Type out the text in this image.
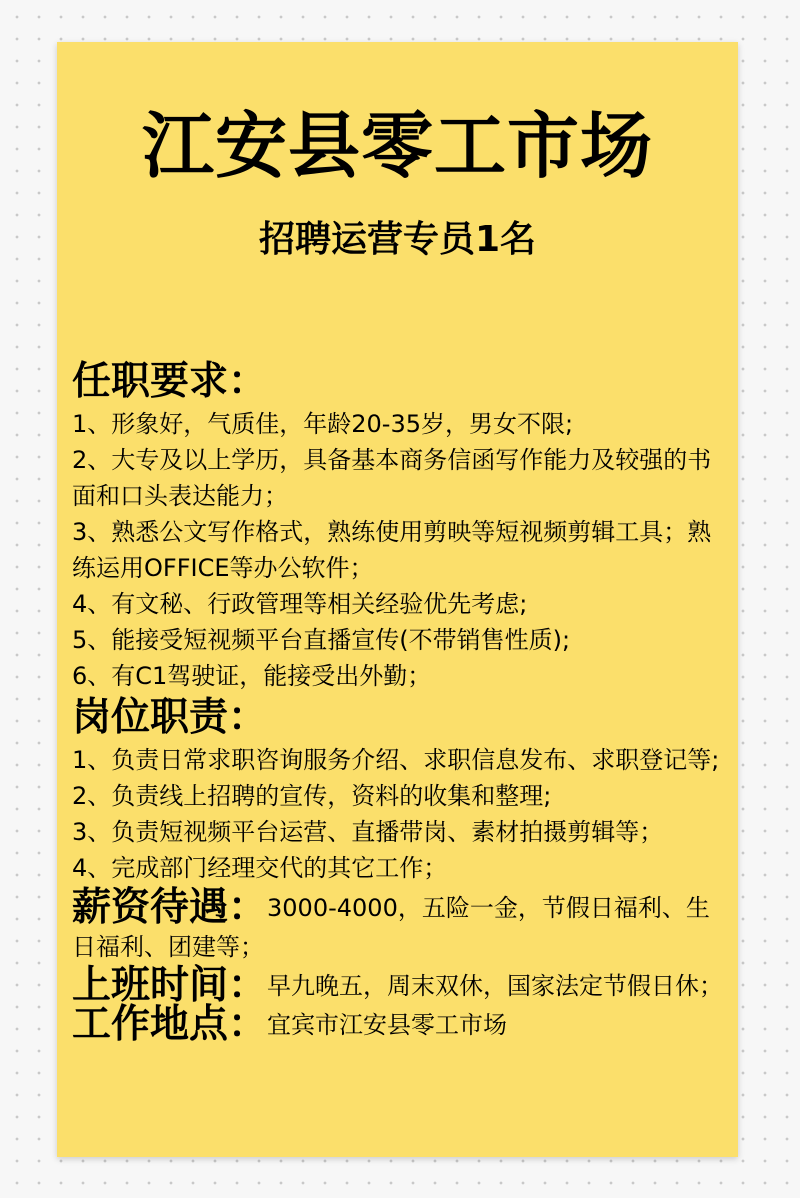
江安县零工市场
招聘运营专员1名
任职要求：
1、形象好，气质佳，年龄20-35岁，男女不限;
2、大专及以上学历，具备基本商务信函写作能力及较强的书面和口头表达能力；
3、熟悉公文写作格式，熟练使用剪映等短视频剪辑工具；熟练运用OFFICE等办公软件；
4、有文秘、行政管理等相关经验优先考虑;
5、能接受短视频平台直播宣传(不带销售性质);
6、有C1驾驶证，能接受出外勤；
岗位职责：
1、负责日常求职咨询服务介绍、求职信息发布、求职登记等;
2、负责线上招聘的宣传，资料的收集和整理;
3、负责短视频平台运营、直播带岗、素材拍摄剪辑等；
4、完成部门经理交代的其它工作；
薪资待遇：3000-4000，五险一金，节假日福利、生日福利、团建等；
上班时间：早九晚五，周末双休，国家法定节假日休；
工作地点：宜宾市江安县零工市场
